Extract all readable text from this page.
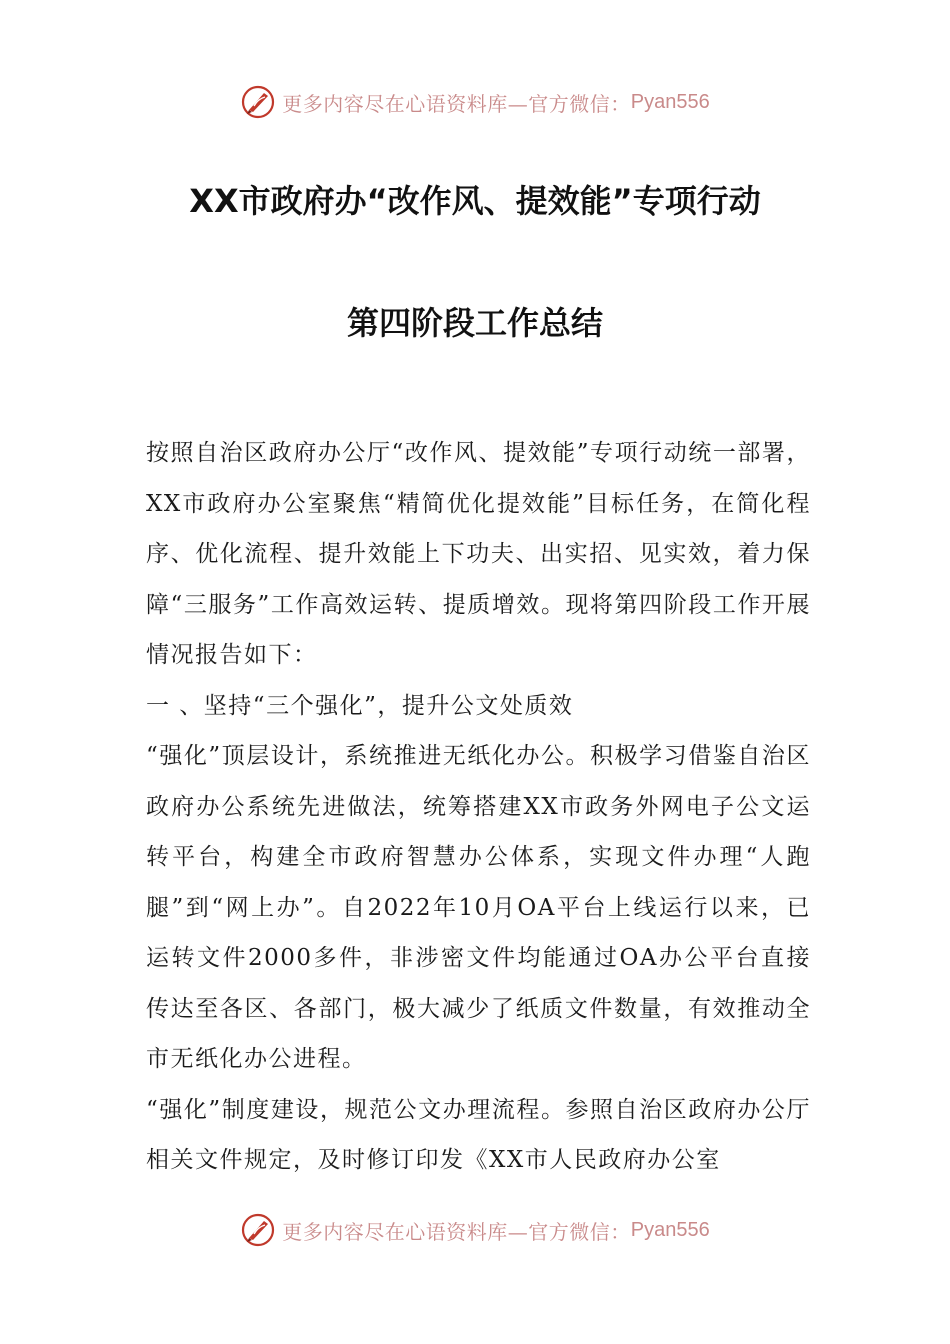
更多内容尽在心语资料库—官方微信： Pyan556
XX市政府办“改作风、提效能”专项行动
第四阶段工作总结

按照自治区政府办公厅“改作风、提效能”专项行动统一部署，XX市政府办公室聚焦“精简优化提效能”目标任务，在简化程序、优化流程、提升效能上下功夫、出实招、见实效，着力保障“三服务”工作高效运转、提质增效。现将第四阶段工作开展情况报告如下：

一 、坚持“三个强化”，提升公文处质效

“强化”顶层设计，系统推进无纸化办公。积极学习借鉴自治区政府办公系统先进做法，统筹搭建XX市政务外网电子公文运转平台，构建全市政府智慧办公体系，实现文件办理“人跑腿”到“网上办”。自2022年10月OA平台上线运行以来，已运转文件2000多件，非涉密文件均能通过OA办公平台直接传达至各区、各部门，极大减少了纸质文件数量，有效推动全市无纸化办公进程。

“强化”制度建设，规范公文办理流程。参照自治区政府办公厅相关文件规定，及时修订印发《XX市人民政府办公室

更多内容尽在心语资料库—官方微信： Pyan556
